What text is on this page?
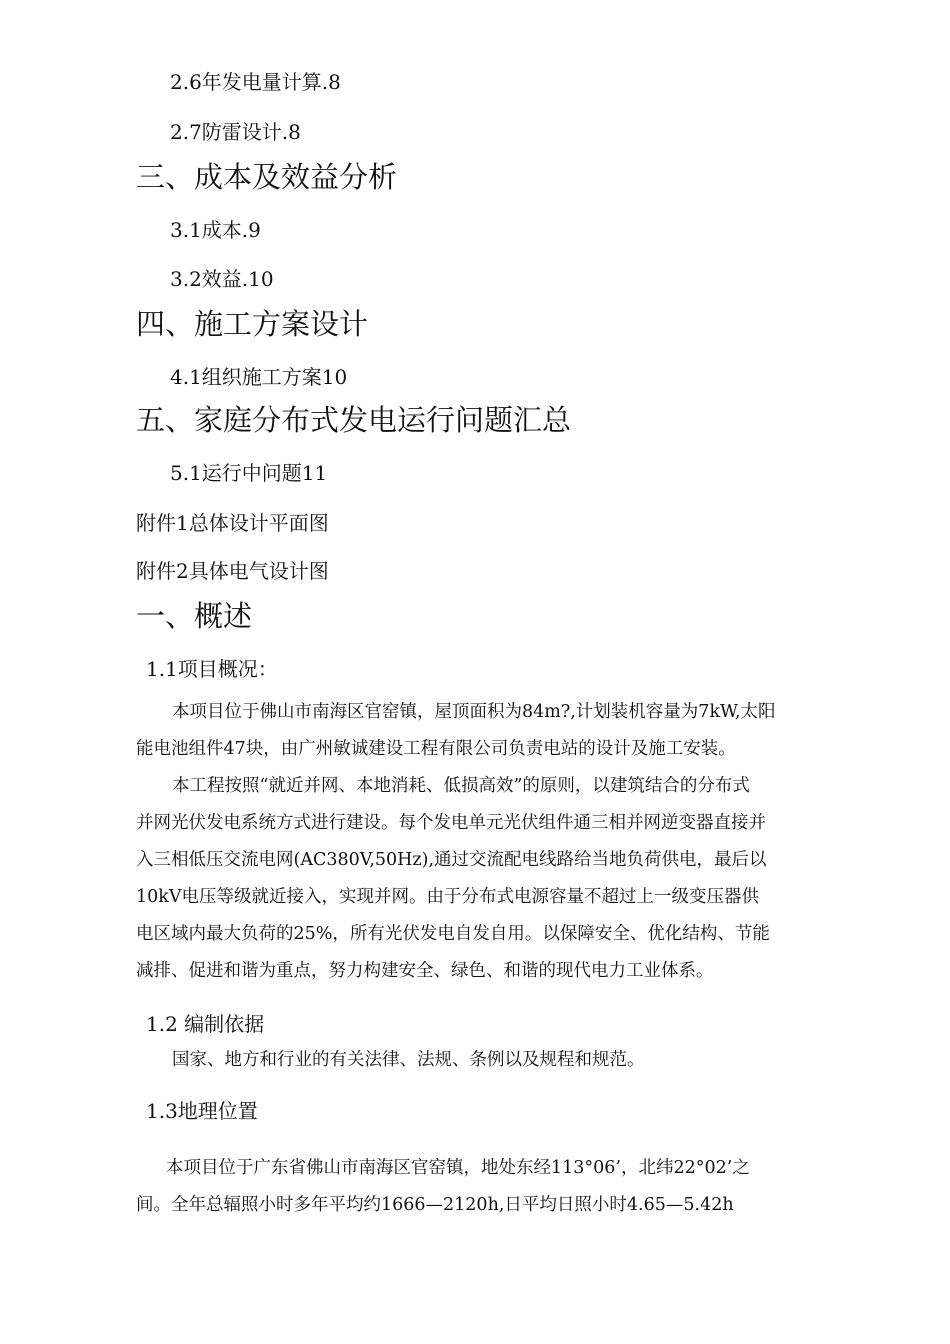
2.6年发电量计算.8
2.7防雷设计.8
三、成本及效益分析
3.1成本.9
3.2效益.10
四、施工方案设计
4.1组织施工方案10
五、家庭分布式发电运行问题汇总
5.1运行中问题11
附件1总体设计平面图
附件2具体电气设计图
一、概述
1.1项目概况：
本项目位于佛山市南海区官窑镇，屋顶面积为84m?,计划装机容量为7kW,太阳
能电池组件47块，由广州敏诚建设工程有限公司负责电站的设计及施工安装。
本工程按照“就近并网、本地消耗、低损高效”的原则，以建筑结合的分布式
并网光伏发电系统方式进行建设。每个发电单元光伏组件通三相并网逆变器直接并
入三相低压交流电网(AC380V,50Hz),通过交流配电线路给当地负荷供电，最后以
10kV电压等级就近接入，实现并网。由于分布式电源容量不超过上一级变压器供
电区域内最大负荷的25%，所有光伏发电自发自用。以保障安全、优化结构、节能
减排、促进和谐为重点，努力构建安全、绿色、和谐的现代电力工业体系。
1.2 编制依据
国家、地方和行业的有关法律、法规、条例以及规程和规范。
1.3地理位置
本项目位于广东省佛山市南海区官窑镇，地处东经113°06’，北纬22°02’之
间。全年总辐照小时多年平均约1666—2120h,日平均日照小时4.65—5.42h
